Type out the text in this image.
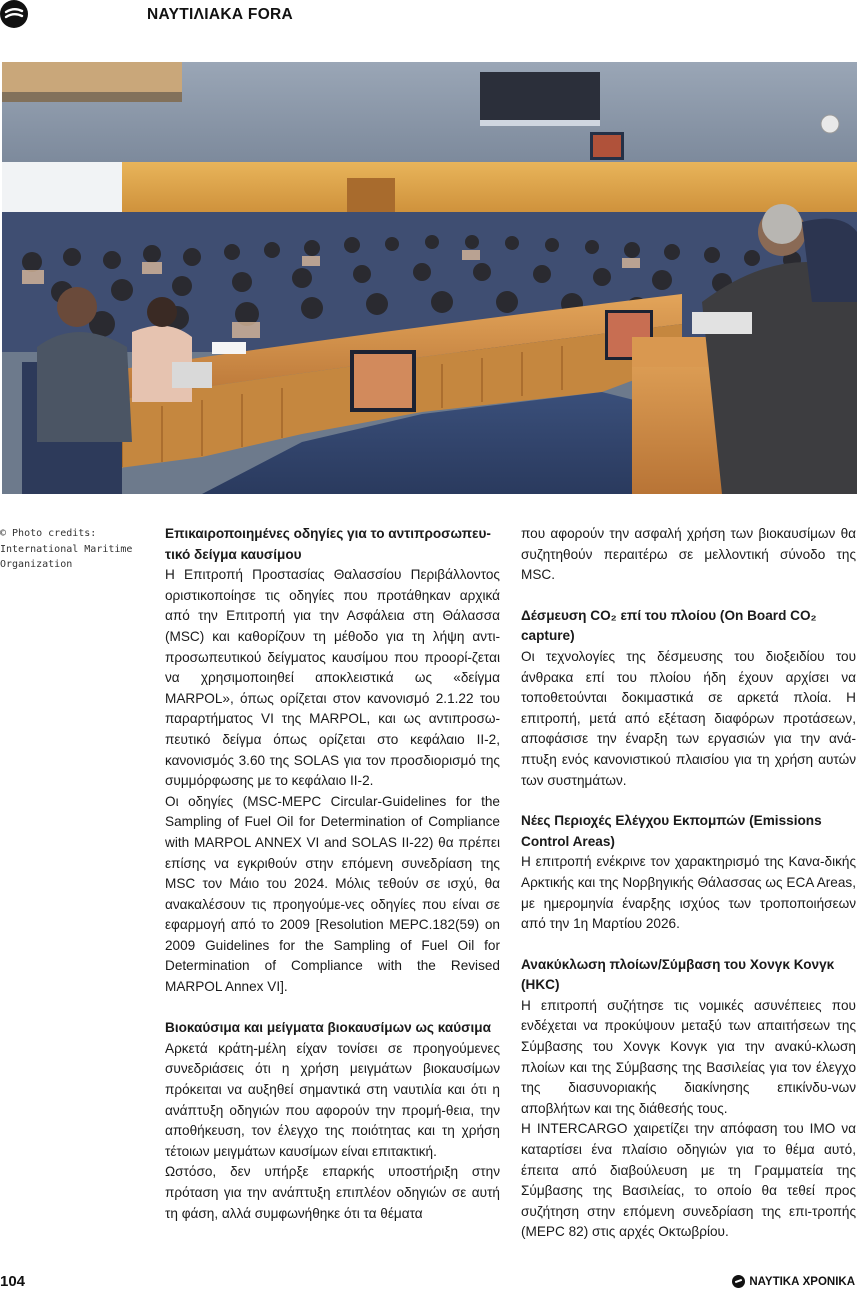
ΝΑΥΤΙΛΙΑΚΑ FORA
© Photo credits:
International Maritime
Organization
Επικαιροποιημένες οδηγίες για το αντιπροσωπευ-
τικό δείγμα καυσίμου

Η Επιτροπή Προστασίας Θαλασσίου Περιβάλλοντος οριστικοποίησε τις οδηγίες που προτάθηκαν αρχικά από την Επιτροπή για την Ασφάλεια στη Θάλασσα (MSC) και καθορίζουν τη μέθοδο για τη λήψη αντι-προσωπευτικού δείγματος καυσίμου που προορί-ζεται να χρησιμοποιηθεί αποκλειστικά ως «δείγμα MARPOL», όπως ορίζεται στον κανονισμό 2.1.22 του παραρτήματος VI της MARPOL, και ως αντιπροσω-πευτικό δείγμα όπως ορίζεται στο κεφάλαιο II-2, κανονισμός 3.60 της SOLAS για τον προσδιορισμό της συμμόρφωσης με το κεφάλαιο II-2.

Οι οδηγίες (MSC-MEPC Circular-Guidelines for the Sampling of Fuel Oil for Determination of Compliance with MARPOL ANNEX VI and SOLAS II-22) θα πρέπει επίσης να εγκριθούν στην επόμενη συνεδρίαση της MSC τον Μάιο του 2024. Μόλις τεθούν σε ισχύ, θα ανακαλέσουν τις προηγούμε-νες οδηγίες που είναι σε εφαρμογή από το 2009 [Resolution MEPC.182(59) on 2009 Guidelines for the Sampling of Fuel Oil for Determination of Compliance with the Revised MARPOL Annex VI].

Βιοκαύσιμα και μείγματα βιοκαυσίμων ως καύσιμα

Αρκετά κράτη-μέλη είχαν τονίσει σε προηγούμενες συνεδριάσεις ότι η χρήση μειγμάτων βιοκαυσίμων πρόκειται να αυξηθεί σημαντικά στη ναυτιλία και ότι η ανάπτυξη οδηγιών που αφορούν την προμή-θεια, την αποθήκευση, τον έλεγχο της ποιότητας και τη χρήση τέτοιων μειγμάτων καυσίμων είναι επιτακτική.

Ωστόσο, δεν υπήρξε επαρκής υποστήριξη στην πρόταση για την ανάπτυξη επιπλέον οδηγιών σε αυτή τη φάση, αλλά συμφωνήθηκε ότι τα θέματα

που αφορούν την ασφαλή χρήση των βιοκαυσίμων θα συζητηθούν περαιτέρω σε μελλοντική σύνοδο της MSC.

Δέσμευση CO₂ επί του πλοίου (On Board CO₂
capture)

Οι τεχνολογίες της δέσμευσης του διοξειδίου του άνθρακα επί του πλοίου ήδη έχουν αρχίσει να τοποθετούνται δοκιμαστικά σε αρκετά πλοία. Η επιτροπή, μετά από εξέταση διαφόρων προτάσεων, αποφάσισε την έναρξη των εργασιών για την ανά-πτυξη ενός κανονιστικού πλαισίου για τη χρήση αυτών των συστημάτων.

Νέες Περιοχές Ελέγχου Εκπομπών (Emissions
Control Areas)

Η επιτροπή ενέκρινε τον χαρακτηρισμό της Κανα-δικής Αρκτικής και της Νορβηγικής Θάλασσας ως ECA Areas, με ημερομηνία έναρξης ισχύος των τροποποιήσεων από την 1η Μαρτίου 2026.

Ανακύκλωση πλοίων/Σύμβαση του Χονγκ Κονγκ
(HKC)

Η επιτροπή συζήτησε τις νομικές ασυνέπειες που ενδέχεται να προκύψουν μεταξύ των απαιτήσεων της Σύμβασης του Χονγκ Κονγκ για την ανακύ-κλωση πλοίων και της Σύμβασης της Βασιλείας για τον έλεγχο της διασυνοριακής διακίνησης επικίνδυ-νων αποβλήτων και της διάθεσής τους.

Η INTERCARGO χαιρετίζει την απόφαση του IMO να καταρτίσει ένα πλαίσιο οδηγιών για το θέμα αυτό, έπειτα από διαβούλευση με τη Γραμματεία της Σύμβασης της Βασιλείας, το οποίο θα τεθεί προς συζήτηση στην επόμενη συνεδρίαση της επι-τροπής (MEPC 82) στις αρχές Οκτωβρίου.

104	ΝΑΥΤΙΚΑ ΧΡΟΝΙΚΑ
